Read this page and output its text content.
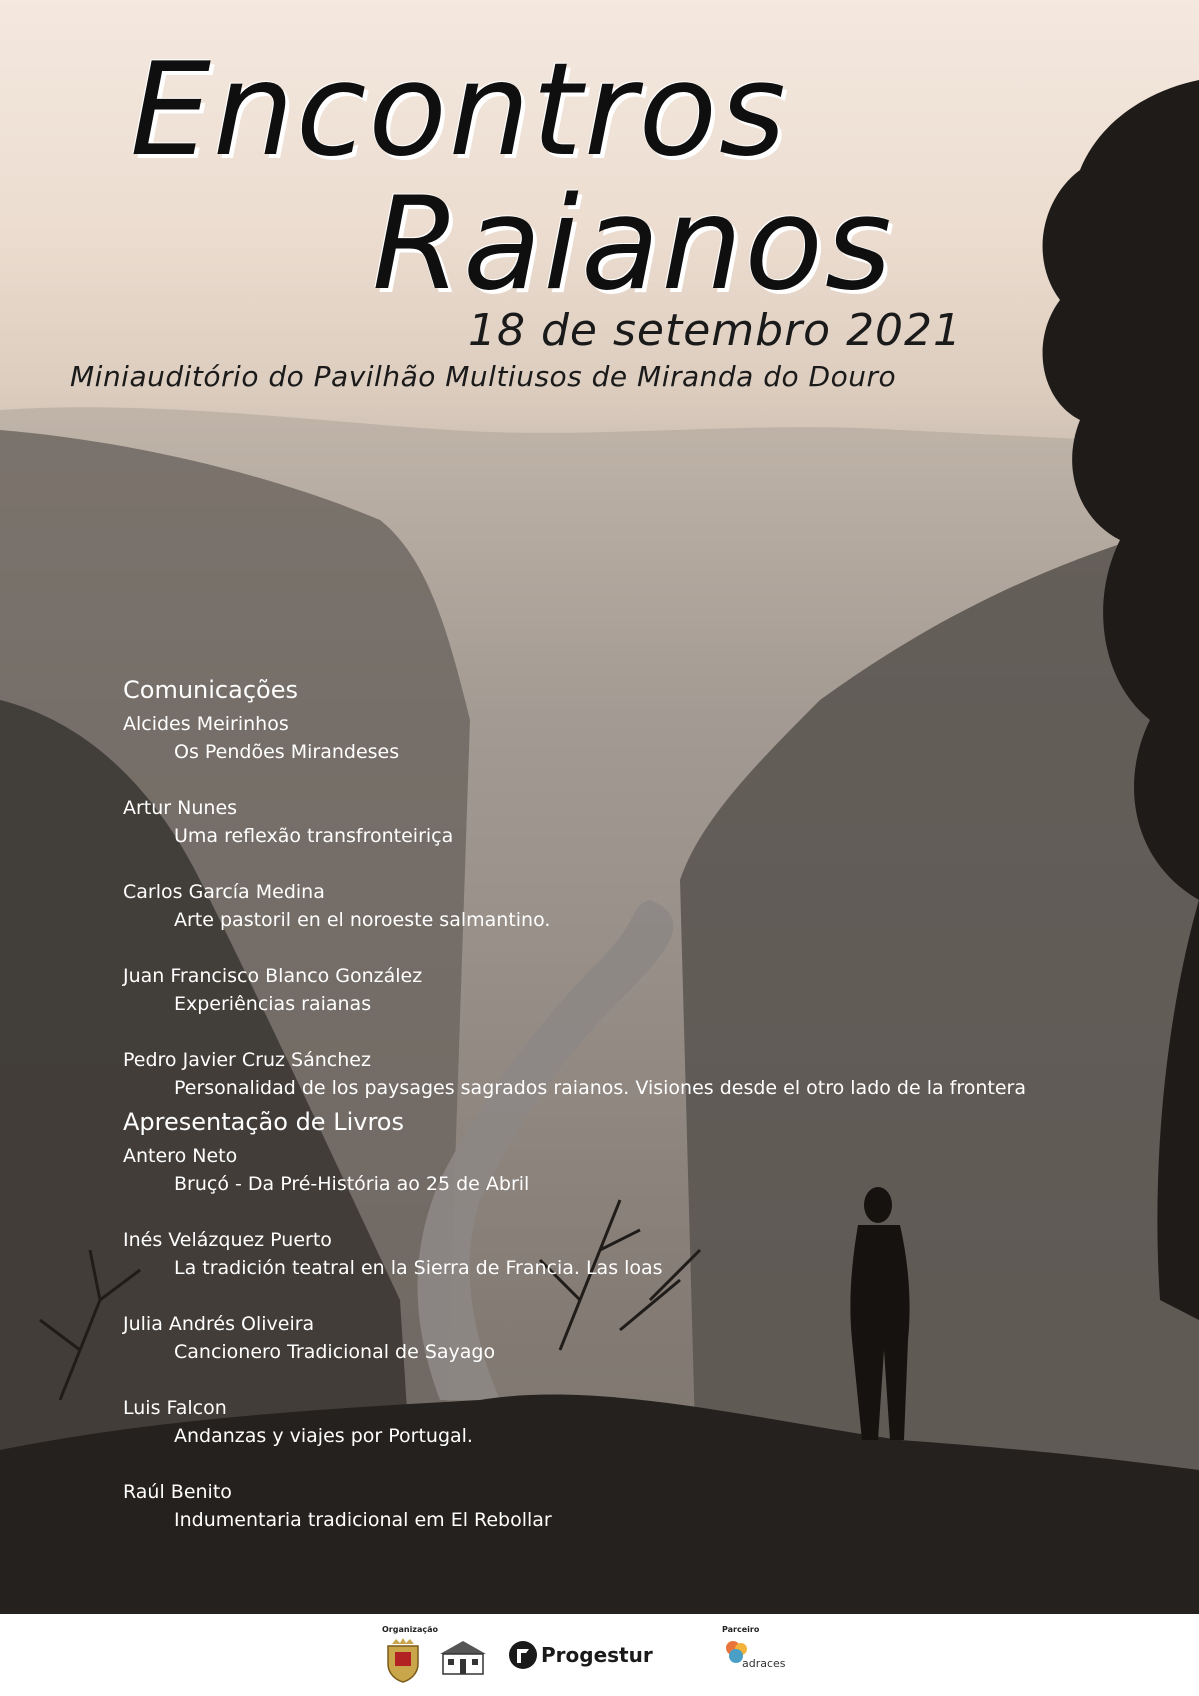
Encontros
Raianos
18 de setembro 2021
Miniauditório do Pavilhão Multiusos de Miranda do Douro
Comunicações
Alcides Meirinhos
Os Pendões Mirandeses
Artur Nunes
Uma reflexão transfronteiriça
Carlos García Medina
Arte pastoril en el noroeste salmantino.
Juan Francisco Blanco González
Experiências raianas
Pedro Javier Cruz Sánchez
Personalidad de los paysages sagrados raianos. Visiones desde el otro lado de la frontera
Apresentação de Livros
Antero Neto
Bruçó - Da Pré-História ao 25 de Abril
Inés Velázquez Puerto
La tradición teatral en la Sierra de Francia. Las loas
Julia Andrés Oliveira
Cancionero Tradicional de Sayago
Luis Falcon
Andanzas y viajes por Portugal.
Raúl Benito
Indumentaria tradicional em El Rebollar
Organização	Parceiro
Progestur	adraces
